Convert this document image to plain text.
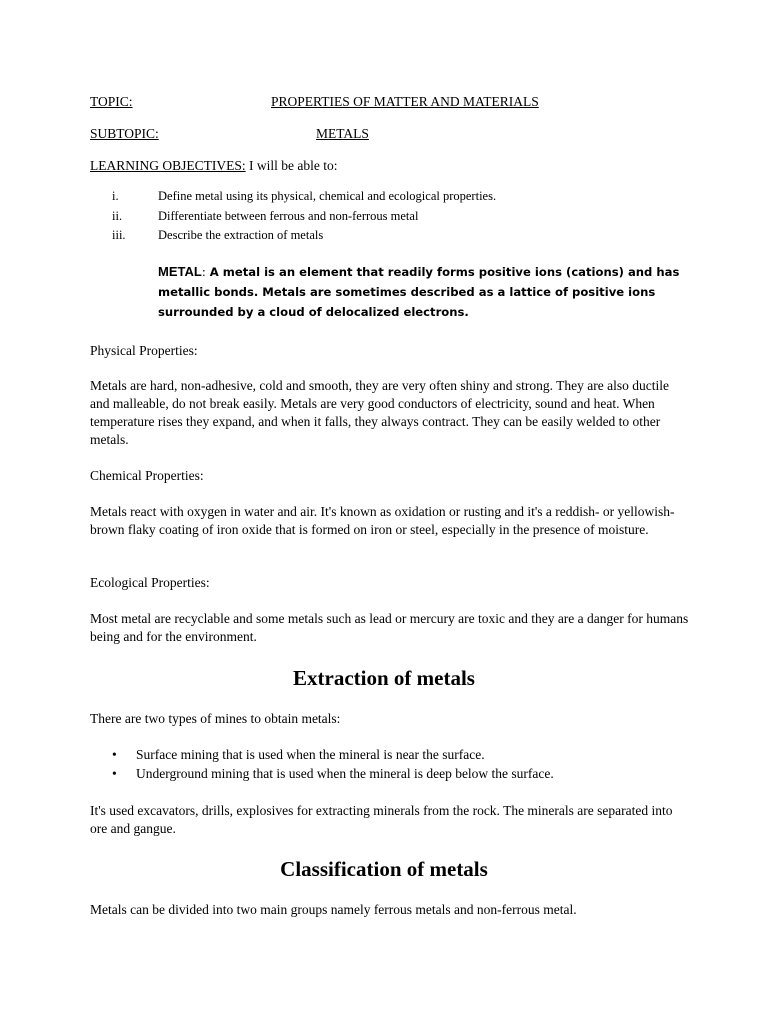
TOPIC:	PROPERTIES OF MATTER AND MATERIALS
SUBTOPIC:	METALS
LEARNING OBJECTIVES: I will be able to:
i.	Define metal using its physical, chemical and ecological properties.
ii.	Differentiate between ferrous and non-ferrous metal
iii.	Describe the extraction of metals
METAL: A metal is an element that readily forms positive ions (cations) and has metallic bonds. Metals are sometimes described as a lattice of positive ions surrounded by a cloud of delocalized electrons.
Physical Properties:
Metals are hard, non-adhesive, cold and smooth, they are very often shiny and strong. They are also ductile and malleable, do not break easily. Metals are very good conductors of electricity, sound and heat. When temperature rises they expand, and when it falls, they always contract. They can be easily welded to other metals.
Chemical Properties:
Metals react with oxygen in water and air. It's known as oxidation or rusting and it's a reddish- or yellowish-brown flaky coating of iron oxide that is formed on iron or steel, especially in the presence of moisture.
Ecological Properties:
Most metal are recyclable and some metals such as lead or mercury are toxic and they are a danger for humans being and for the environment.
Extraction of metals
There are two types of mines to obtain metals:
• Surface mining that is used when the mineral is near the surface.
• Underground mining that is used when the mineral is deep below the surface.
It's used excavators, drills, explosives for extracting minerals from the rock. The minerals are separated into ore and gangue.
Classification of metals
Metals can be divided into two main groups namely ferrous metals and non-ferrous metal.
